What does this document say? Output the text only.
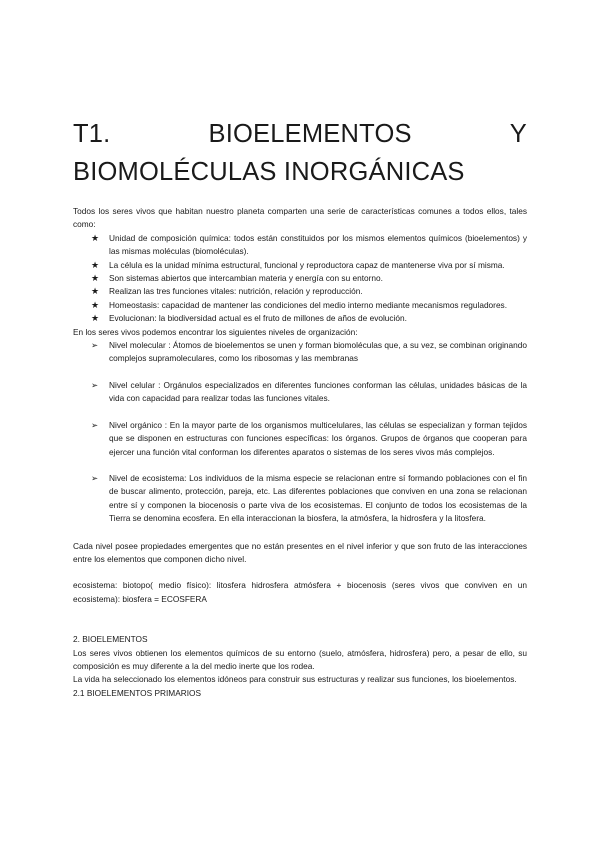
T1.	BIOELEMENTOS	Y
BIOMOLÉCULAS INORGÁNICAS

Todos los seres vivos que habitan nuestro planeta comparten una serie de características comunes a todos ellos, tales como:

★ Unidad de composición química: todos están constituidos por los mismos elementos químicos (bioelementos) y las mismas moléculas (biomoléculas).
★ La célula es la unidad mínima estructural, funcional y reproductora capaz de mantenerse viva por sí misma.
★ Son sistemas abiertos que intercambian materia y energía con su entorno.
★ Realizan las tres funciones vitales: nutrición, relación y reproducción.
★ Homeostasis: capacidad de mantener las condiciones del medio interno mediante mecanismos reguladores.
★ Evolucionan: la biodiversidad actual es el fruto de millones de años de evolución.

En los seres vivos podemos encontrar los siguientes niveles de organización:

➢ Nivel molecular : Átomos de bioelementos se unen y forman biomoléculas que, a su vez, se combinan originando complejos supramoleculares, como los ribosomas y las membranas
➢ Nivel celular : Orgánulos especializados en diferentes funciones conforman las células, unidades básicas de la vida con capacidad para realizar todas las funciones vitales.
➢ Nivel orgánico : En la mayor parte de los organismos multicelulares, las células se especializan y forman tejidos que se disponen en estructuras con funciones específicas: los órganos. Grupos de órganos que cooperan para ejercer una función vital conforman los diferentes aparatos o sistemas de los seres vivos más complejos.
➢ Nivel de ecosistema: Los individuos de la misma especie se relacionan entre sí formando poblaciones con el fin de buscar alimento, protección, pareja, etc. Las diferentes poblaciones que conviven en una zona se relacionan entre sí y componen la biocenosis o parte viva de los ecosistemas. El conjunto de todos los ecosistemas de la Tierra se denomina ecosfera. En ella interaccionan la biosfera, la atmósfera, la hidrosfera y la litosfera.

Cada nivel posee propiedades emergentes que no están presentes en el nivel inferior y que son fruto de las interacciones entre los elementos que componen dicho nivel.

ecosistema: biotopo( medio físico): litosfera hidrosfera atmósfera + biocenosis (seres vivos que conviven en un ecosistema): biosfera = ECOSFERA

2. BIOELEMENTOS

Los seres vivos obtienen los elementos químicos de su entorno (suelo, atmósfera, hidrosfera) pero, a pesar de ello, su composición es muy diferente a la del medio inerte que los rodea.

La vida ha seleccionado los elementos idóneos para construir sus estructuras y realizar sus funciones, los bioelementos.

2.1 BIOELEMENTOS PRIMARIOS
